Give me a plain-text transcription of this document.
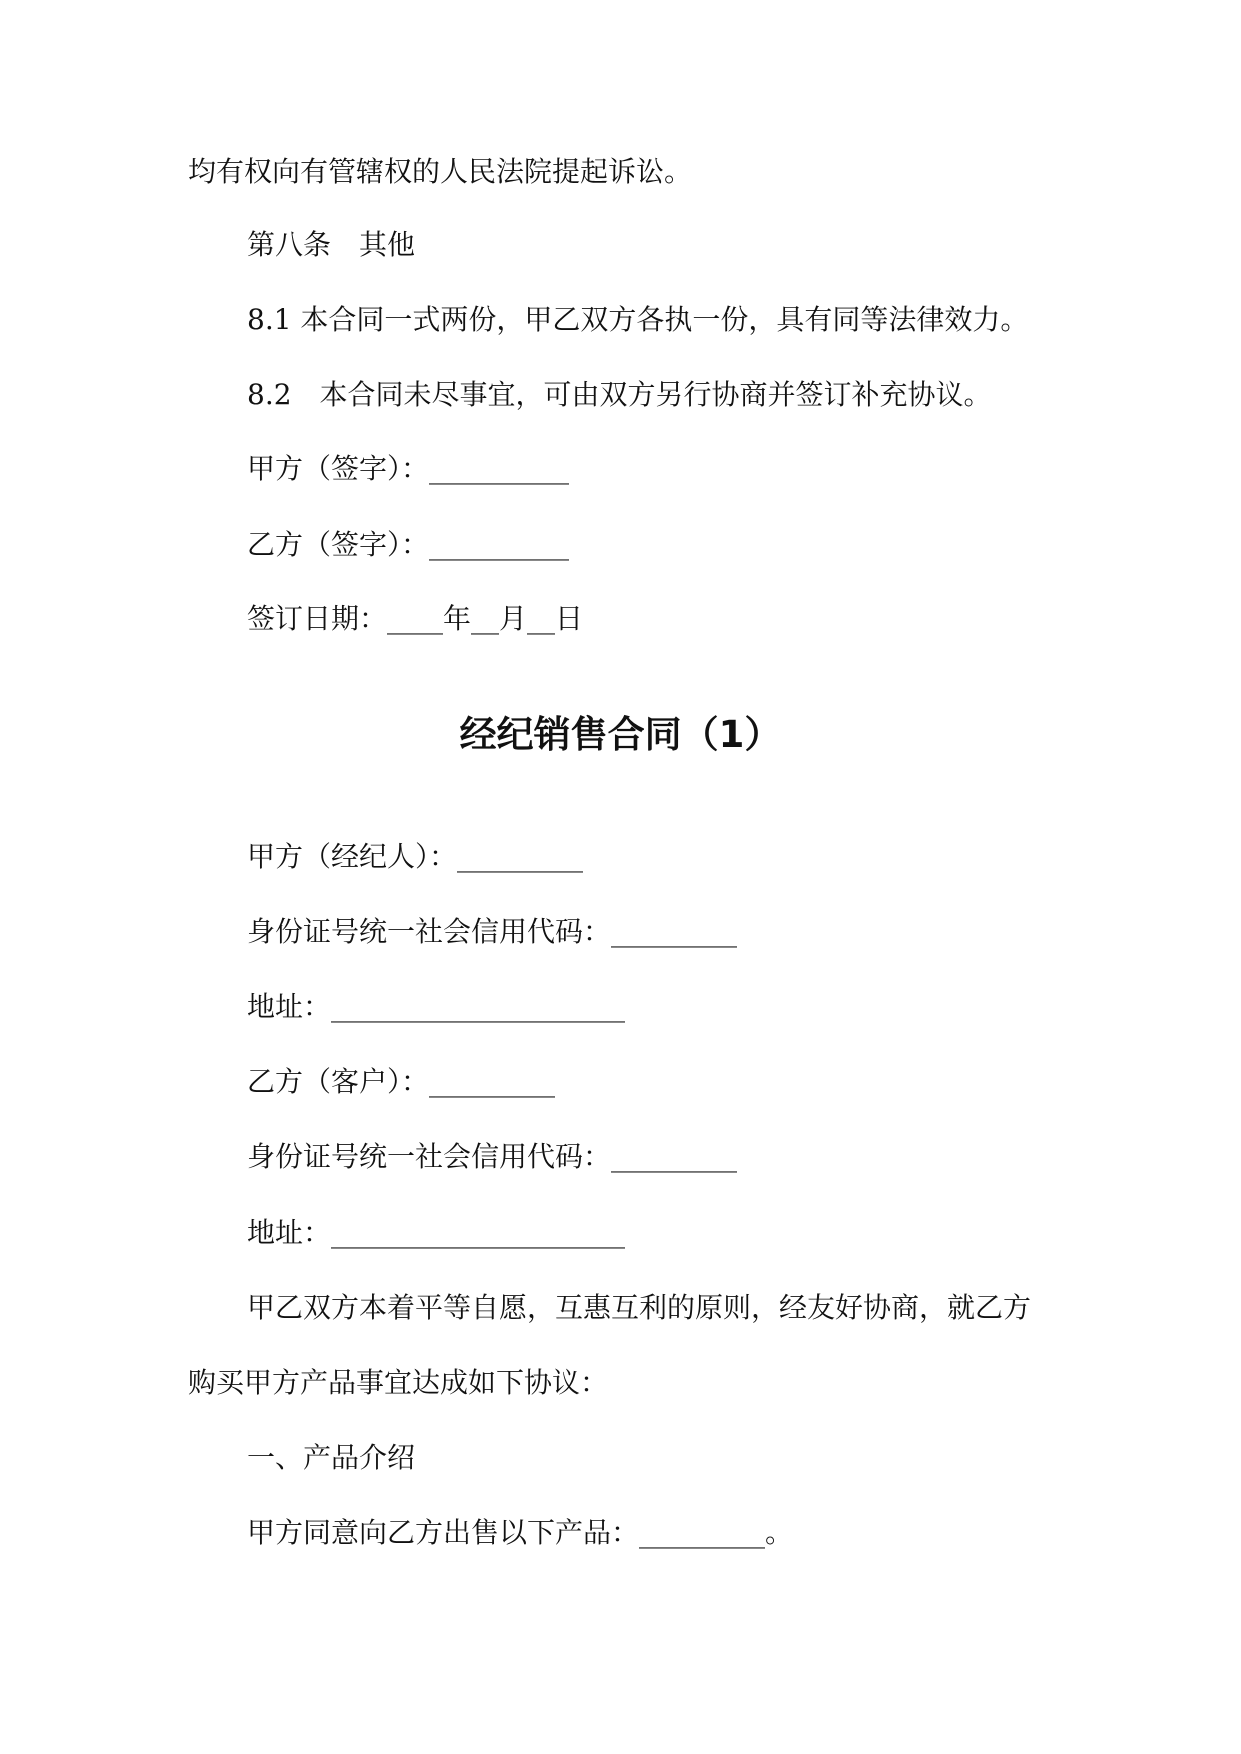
均有权向有管辖权的人民法院提起诉讼。
第八条　其他
8.1 本合同一式两份，甲乙双方各执一份，具有同等法律效力。
8.2　本合同未尽事宜，可由双方另行协商并签订补充协议。
甲方（签字）：__________
乙方（签字）：__________
签订日期：____年__月__日
经纪销售合同（1）
甲方（经纪人）：_________
身份证号统一社会信用代码：_________
地址：_____________________
乙方（客户）：_________
身份证号统一社会信用代码：_________
地址：_____________________
甲乙双方本着平等自愿，互惠互利的原则，经友好协商，就乙方
购买甲方产品事宜达成如下协议：
一、产品介绍
甲方同意向乙方出售以下产品：_________。
